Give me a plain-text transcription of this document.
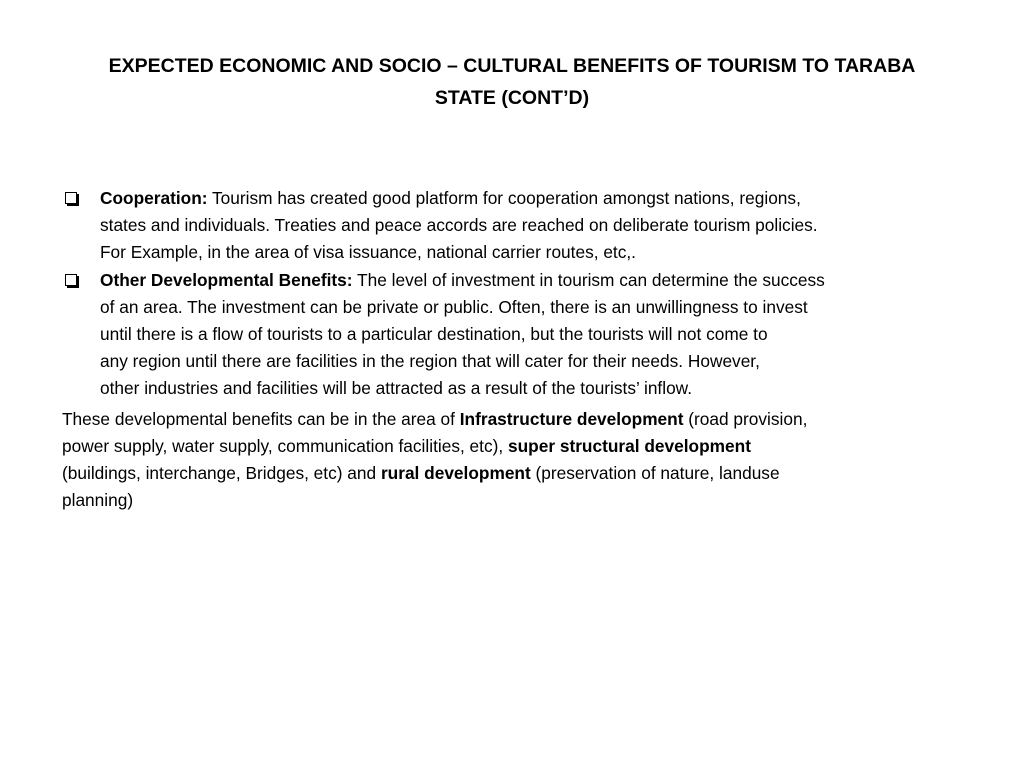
EXPECTED ECONOMIC AND SOCIO – CULTURAL BENEFITS OF TOURISM TO TARABA
STATE (CONT’D)

Cooperation: Tourism has created good platform for cooperation amongst nations, regions,
states and individuals. Treaties and peace accords are reached on deliberate tourism policies.
For Example, in the area of visa issuance, national carrier routes, etc,.

Other Developmental Benefits: The level of investment in tourism can determine the success
of an area. The investment can be private or public. Often, there is an unwillingness to invest
until there is a flow of tourists to a particular destination, but the tourists will not come to
any region until there are facilities in the region that will cater for their needs. However,
other industries and facilities will be attracted as a result of the tourists’ inflow.

These developmental benefits can be in the area of Infrastructure development (road provision,
power supply, water supply, communication facilities, etc), super structural development
(buildings, interchange, Bridges, etc) and rural development (preservation of nature, landuse
planning)
